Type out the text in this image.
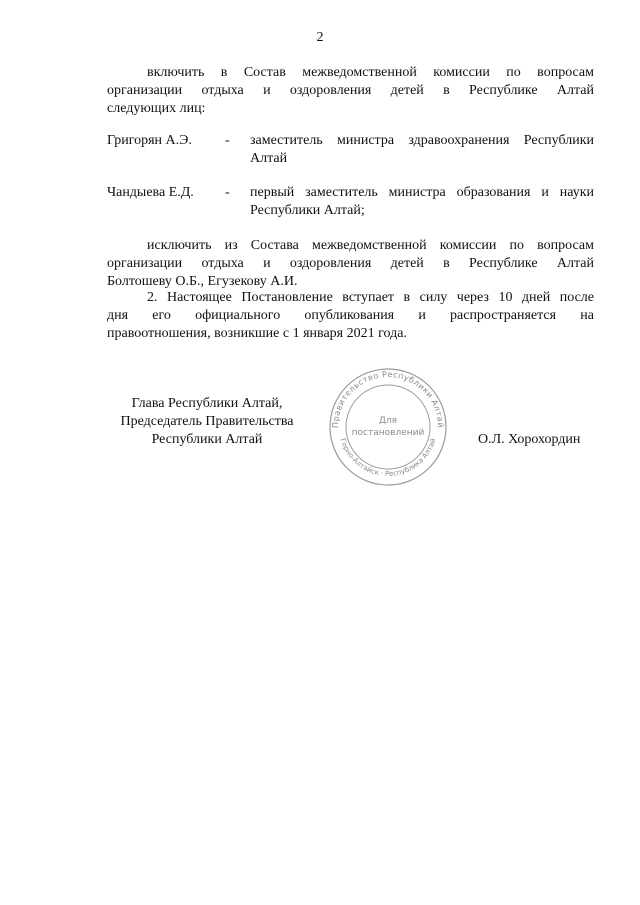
2
включить в Состав межведомственной комиссии по вопросам
организации отдыха и оздоровления детей в Республике Алтай
следующих лиц:
Григорян А.Э. - заместитель министра здравоохранения Республики
Алтай
Чандыева Е.Д. - первый заместитель министра образования и науки
Республики Алтай;
исключить из Состава межведомственной комиссии по вопросам
организации отдыха и оздоровления детей в Республике Алтай
Болтошеву О.Б., Егузекову А.И.
2. Настоящее Постановление вступает в силу через 10 дней после
дня его официального опубликования и распространяется на
правоотношения, возникшие с 1 января 2021 года.
Глава Республики Алтай,
Председатель Правительства
Республики Алтай	О.Л. Хорохордин
Правительство Республики Алтай
Горно-Алтайск · Республика Алтай
Для
постановлений
